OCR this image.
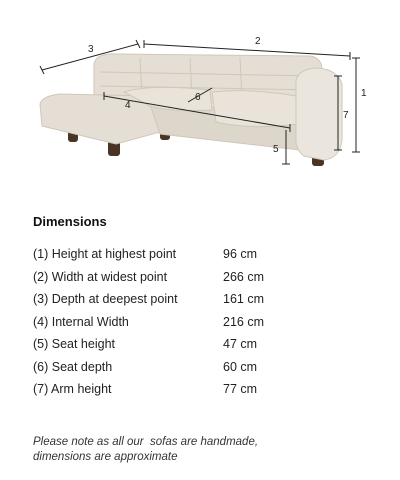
3
2
1
7
4
6
5
Dimensions
(1) Height at highest point	96 cm
(2) Width at widest point	266 cm
(3) Depth at deepest point	161 cm
(4) Internal Width	216 cm
(5) Seat height	47 cm
(6) Seat depth	60 cm
(7) Arm height	77 cm
Please note as all our  sofas are handmade,
dimensions are approximate
